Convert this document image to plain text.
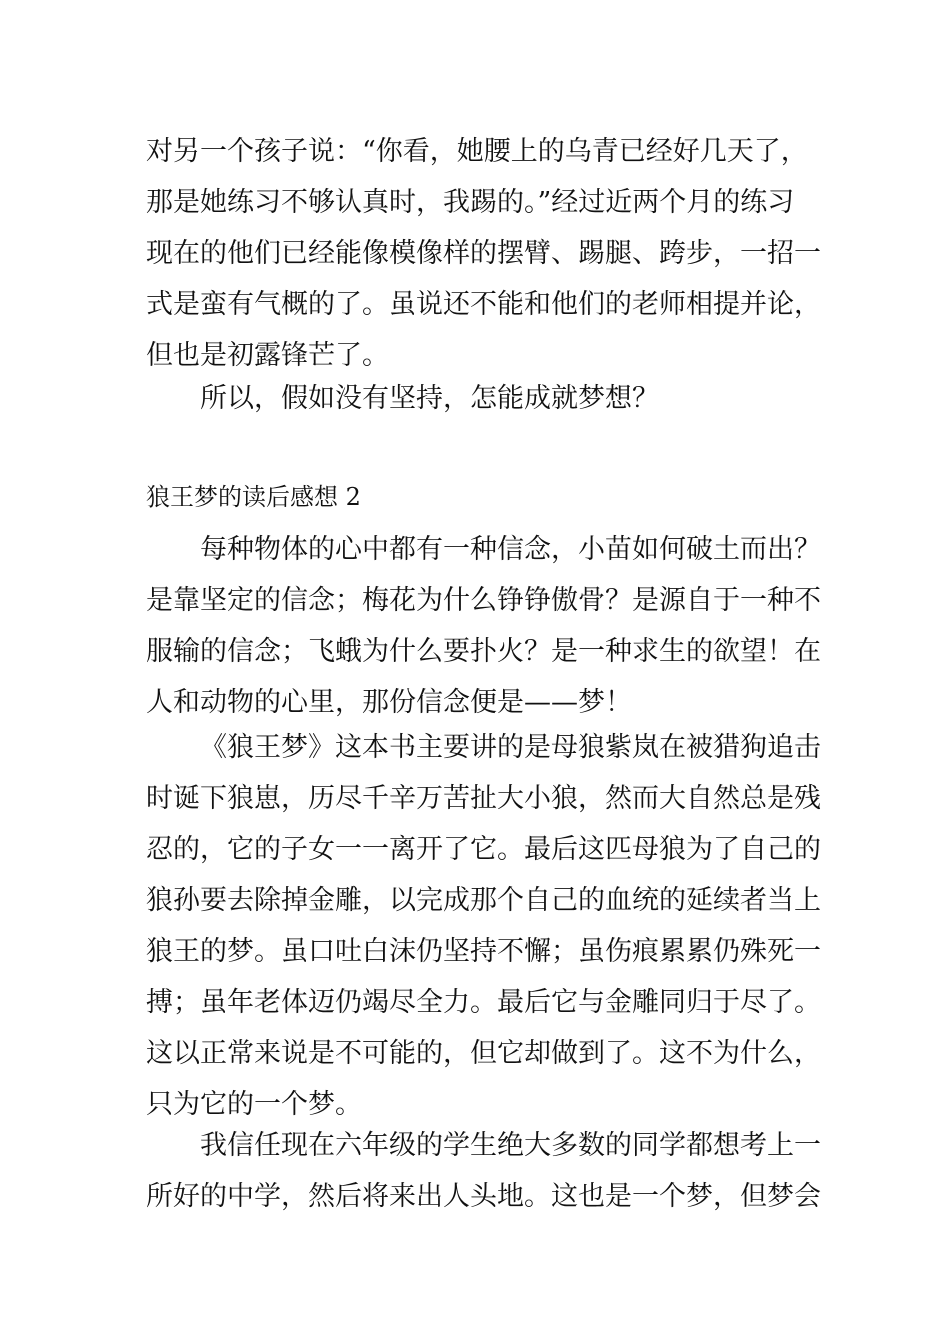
对另一个孩子说：“你看，她腰上的乌青已经好几天了，
那是她练习不够认真时，我踢的。”经过近两个月的练习
现在的他们已经能像模像样的摆臂、踢腿、跨步，一招一
式是蛮有气概的了。虽说还不能和他们的老师相提并论，
但也是初露锋芒了。
所以，假如没有坚持，怎能成就梦想？
狼王梦的读后感想 2
每种物体的心中都有一种信念，小苗如何破土而出？
是靠坚定的信念；梅花为什么铮铮傲骨？是源自于一种不
服输的信念；飞蛾为什么要扑火？是一种求生的欲望！在
人和动物的心里，那份信念便是——梦！
《狼王梦》这本书主要讲的是母狼紫岚在被猎狗追击
时诞下狼崽，历尽千辛万苦扯大小狼，然而大自然总是残
忍的，它的子女一一离开了它。最后这匹母狼为了自己的
狼孙要去除掉金雕，以完成那个自己的血统的延续者当上
狼王的梦。虽口吐白沫仍坚持不懈；虽伤痕累累仍殊死一
搏；虽年老体迈仍竭尽全力。最后它与金雕同归于尽了。
这以正常来说是不可能的，但它却做到了。这不为什么，
只为它的一个梦。
我信任现在六年级的学生绝大多数的同学都想考上一
所好的中学，然后将来出人头地。这也是一个梦，但梦会
